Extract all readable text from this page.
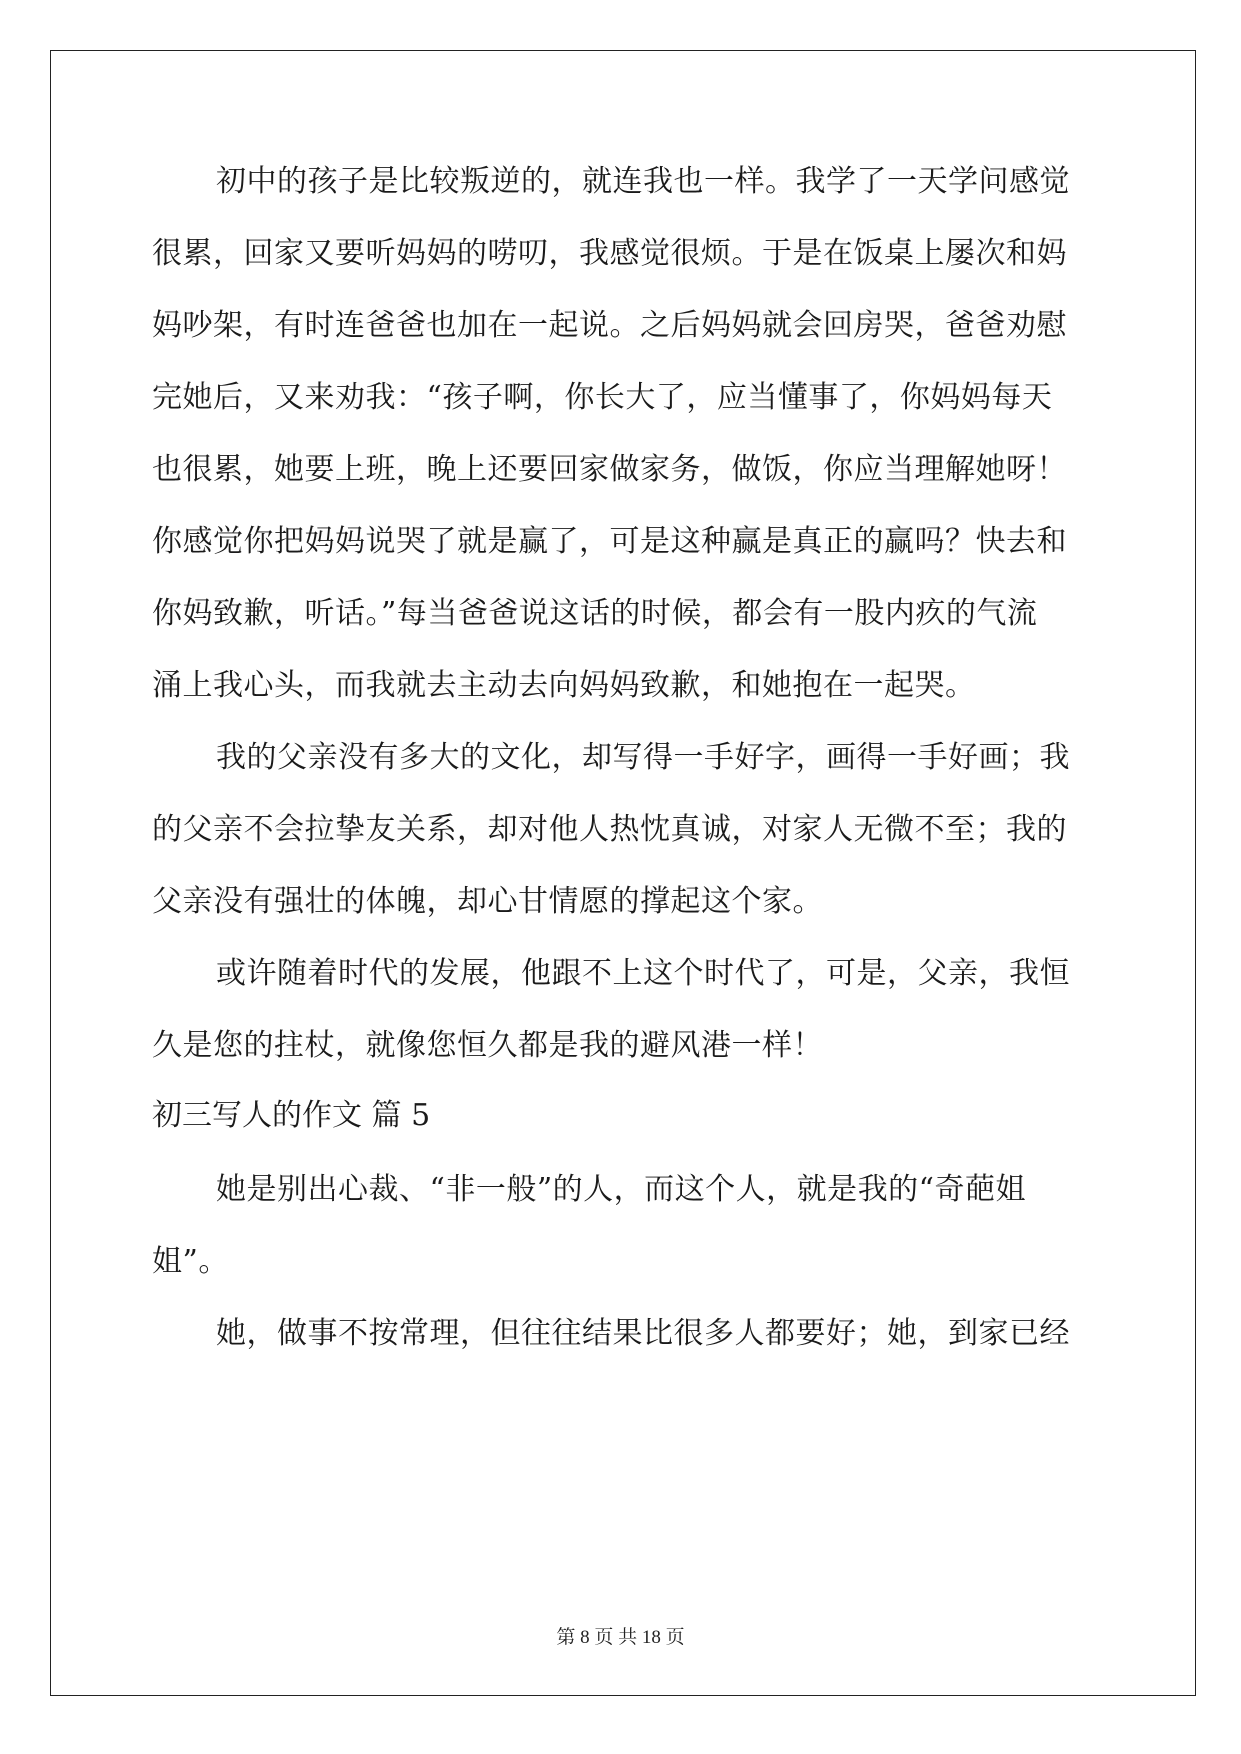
初中的孩子是比较叛逆的，就连我也一样。我学了一天学问感觉
很累，回家又要听妈妈的唠叨，我感觉很烦。于是在饭桌上屡次和妈
妈吵架，有时连爸爸也加在一起说。之后妈妈就会回房哭，爸爸劝慰
完她后，又来劝我：“孩子啊，你长大了，应当懂事了，你妈妈每天
也很累，她要上班，晚上还要回家做家务，做饭，你应当理解她呀！
你感觉你把妈妈说哭了就是赢了，可是这种赢是真正的赢吗？快去和
你妈致歉，听话。”每当爸爸说这话的时候，都会有一股内疚的气流
涌上我心头，而我就去主动去向妈妈致歉，和她抱在一起哭。
我的父亲没有多大的文化，却写得一手好字，画得一手好画；我
的父亲不会拉挚友关系，却对他人热忱真诚，对家人无微不至；我的
父亲没有强壮的体魄，却心甘情愿的撑起这个家。
或许随着时代的发展，他跟不上这个时代了，可是，父亲，我恒
久是您的拄杖，就像您恒久都是我的避风港一样！
初三写人的作文 篇 5
她是别出心裁、“非一般”的人，而这个人，就是我的“奇葩姐
姐”。
她，做事不按常理，但往往结果比很多人都要好；她，到家已经
第 8 页 共 18 页
